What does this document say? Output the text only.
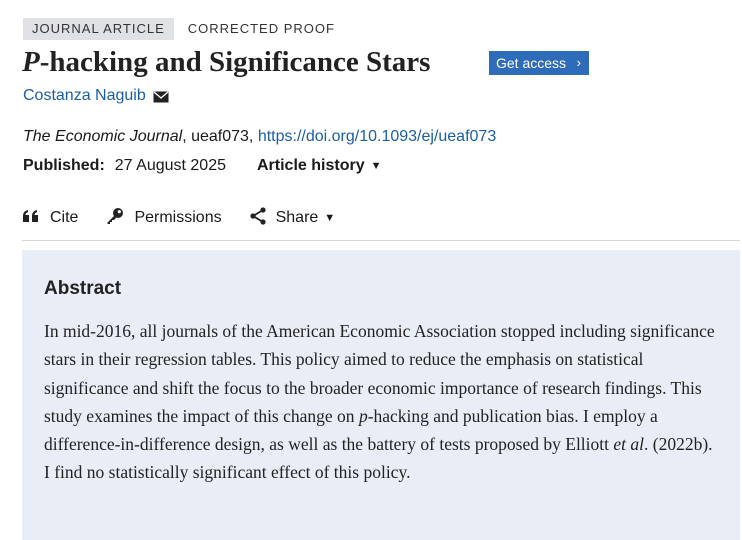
JOURNAL ARTICLE	CORRECTED PROOF
P-hacking and Significance Stars	Get access ›
Costanza Naguib
The Economic Journal, ueaf073, https://doi.org/10.1093/ej/ueaf073
Published: 27 August 2025 Article history ▼
Cite	Permissions	Share ▼
Abstract

In mid-2016, all journals of the American Economic Association stopped including significance stars in their regression tables. This policy aimed to reduce the emphasis on statistical significance and shift the focus to the broader economic importance of research findings. This study examines the impact of this change on p-hacking and publication bias. I employ a difference-in-difference design, as well as the battery of tests proposed by Elliott et al. (2022b). I find no statistically significant effect of this policy.
